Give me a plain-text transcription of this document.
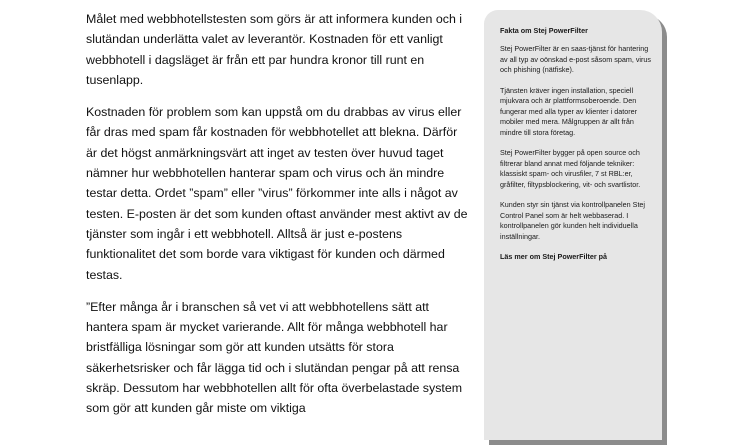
Målet med webbhotellstesten som görs är att informera kunden och i slutändan underlätta valet av leverantör. Kostnaden för ett vanligt webbhotell i dagsläget är från ett par hundra kronor till runt en tusenlapp.

Kostnaden för problem som kan uppstå om du drabbas av virus eller får dras med spam får kostnaden för webbhotellet att blekna. Därför är det högst anmärkningsvärt att inget av testen över huvud taget nämner hur webbhotellen hanterar spam och virus och än mindre testar detta. Ordet ”spam” eller ”virus” förkommer inte alls i något av testen. E-posten är det som kunden oftast använder mest aktivt av de tjänster som ingår i ett webbhotell. Alltså är just e-postens funktionalitet det som borde vara viktigast för kunden och därmed testas.

”Efter många år i branschen så vet vi att webbhotellens sätt att hantera spam är mycket varierande. Allt för många webbhotell har bristfälliga lösningar som gör att kunden utsätts för stora säkerhetsrisker och får lägga tid och i slutändan pengar på att rensa skräp. Dessutom har webbhotellen allt för ofta överbelastade system som gör att kunden går miste om viktiga

Fakta om Stej PowerFilter

Stej PowerFilter är en saas-tjänst för hantering av all typ av oönskad e-post såsom spam, virus och phishing (nätfiske).

Tjänsten kräver ingen installation, speciell mjukvara och är plattformsoberoende. Den fungerar med alla typer av klienter i datorer mobiler med mera. Målgruppen är allt från mindre till stora företag.

Stej PowerFilter bygger på open source och filtrerar bland annat med följande tekniker: klassiskt spam- och virusfiler, 7 st RBL:er, gråfilter, filtypsblockering, vit- och svartlistor.

Kunden styr sin tjänst via kontrollpanelen Stej Control Panel som är helt webbaserad. I kontrollpanelen gör kunden helt individuella inställningar.

Läs mer om Stej PowerFilter på
